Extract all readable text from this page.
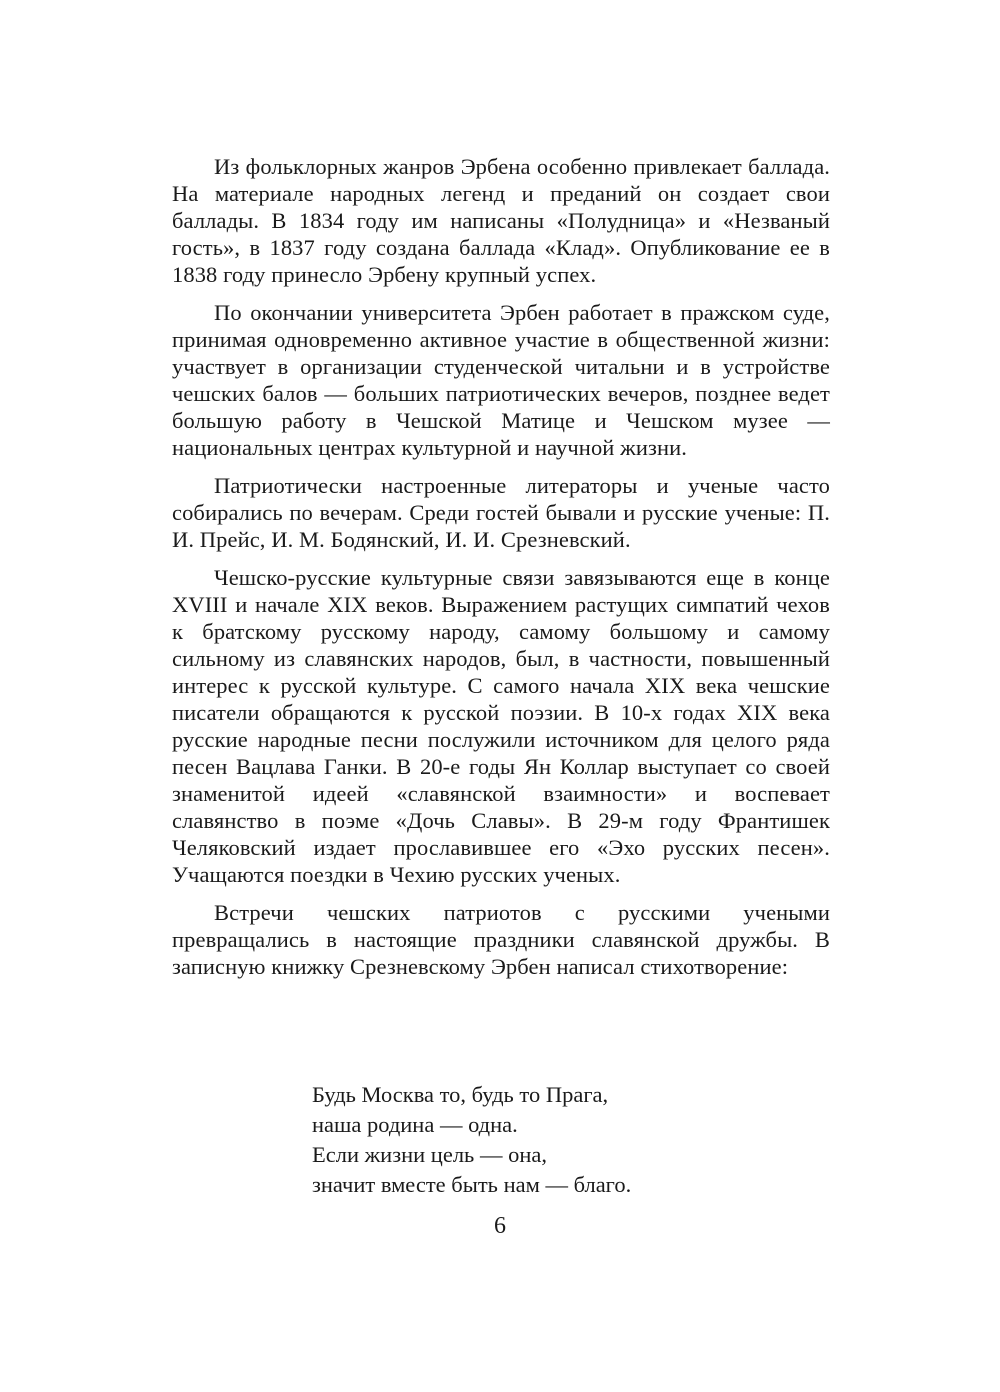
Из фольклорных жанров Эрбена особенно привлекает баллада. На материале народных легенд и преданий он создает свои баллады. В 1834 году им написаны «Полудница» и «Незваный гость», в 1837 году создана баллада «Клад». Опубликование ее в 1838 году принесло Эрбену крупный успех.

По окончании университета Эрбен работает в пражском суде, принимая одновременно активное участие в общественной жизни: участвует в организации студенческой читальни и в устройстве чешских балов — больших патриотических вечеров, позднее ведет большую работу в Чешской Матице и Чешском музее — национальных центрах культурной и научной жизни.

Патриотически настроенные литераторы и ученые часто собирались по вечерам. Среди гостей бывали и русские ученые: П. И. Прейс, И. М. Бодянский, И. И. Срезневский.

Чешско-русские культурные связи завязываются еще в конце XVIII и начале XIX веков. Выражением растущих симпатий чехов к братскому русскому народу, самому большому и самому сильному из славянских народов, был, в частности, повышенный интерес к русской культуре. С самого начала XIX века чешские писатели обращаются к русской поэзии. В 10-х годах XIX века русские народные песни послужили источником для целого ряда песен Вацлава Ганки. В 20-е годы Ян Коллар выступает со своей знаменитой идеей «славянской взаимности» и воспевает славянство в поэме «Дочь Славы». В 29-м году Франтишек Челяковский издает прославившее его «Эхо русских песен». Учащаются поездки в Чехию русских ученых.

Встречи чешских патриотов с русскими учеными превращались в настоящие праздники славянской дружбы. В записную книжку Срезневскому Эрбен написал стихотворение:

Будь Москва то, будь то Прага,
наша родина — одна.
Если жизни цель — она,
значит вместе быть нам — благо.
6
